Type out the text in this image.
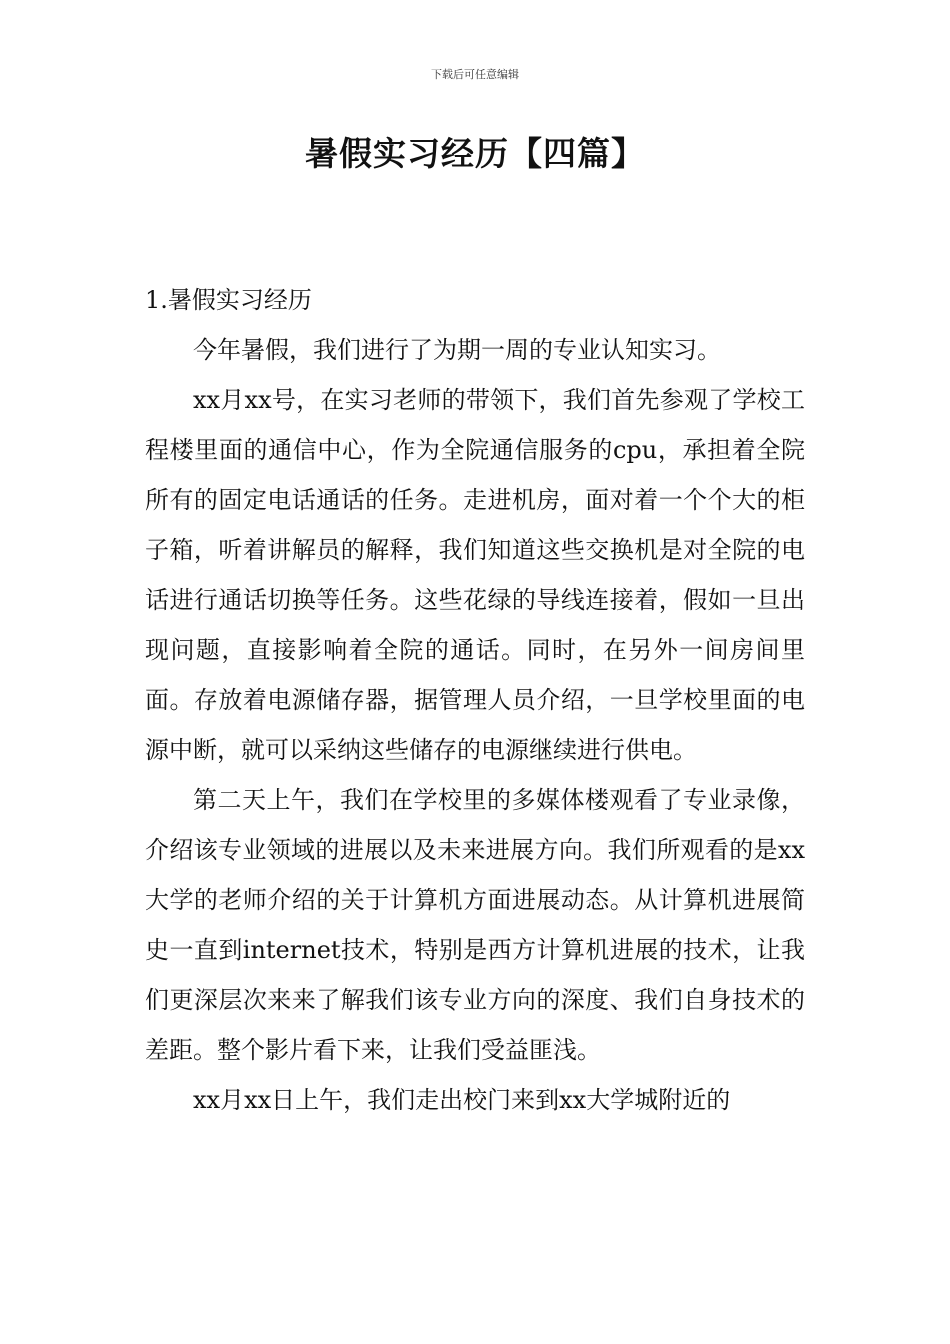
下载后可任意编辑
暑假实习经历【四篇】

1.暑假实习经历

今年暑假，我们进行了为期一周的专业认知实习。

xx月xx号，在实习老师的带领下，我们首先参观了学校工程楼里面的通信中心，作为全院通信服务的cpu，承担着全院所有的固定电话通话的任务。走进机房，面对着一个个大的柜子箱，听着讲解员的解释，我们知道这些交换机是对全院的电话进行通话切换等任务。这些花绿的导线连接着，假如一旦出现问题，直接影响着全院的通话。同时，在另外一间房间里面。存放着电源储存器，据管理人员介绍，一旦学校里面的电源中断，就可以采纳这些储存的电源继续进行供电。

第二天上午，我们在学校里的多媒体楼观看了专业录像，介绍该专业领域的进展以及未来进展方向。我们所观看的是xx大学的老师介绍的关于计算机方面进展动态。从计算机进展简史一直到internet技术，特别是西方计算机进展的技术，让我们更深层次来来了解我们该专业方向的深度、我们自身技术的差距。整个影片看下来，让我们受益匪浅。

xx月xx日上午，我们走出校门来到xx大学城附近的
